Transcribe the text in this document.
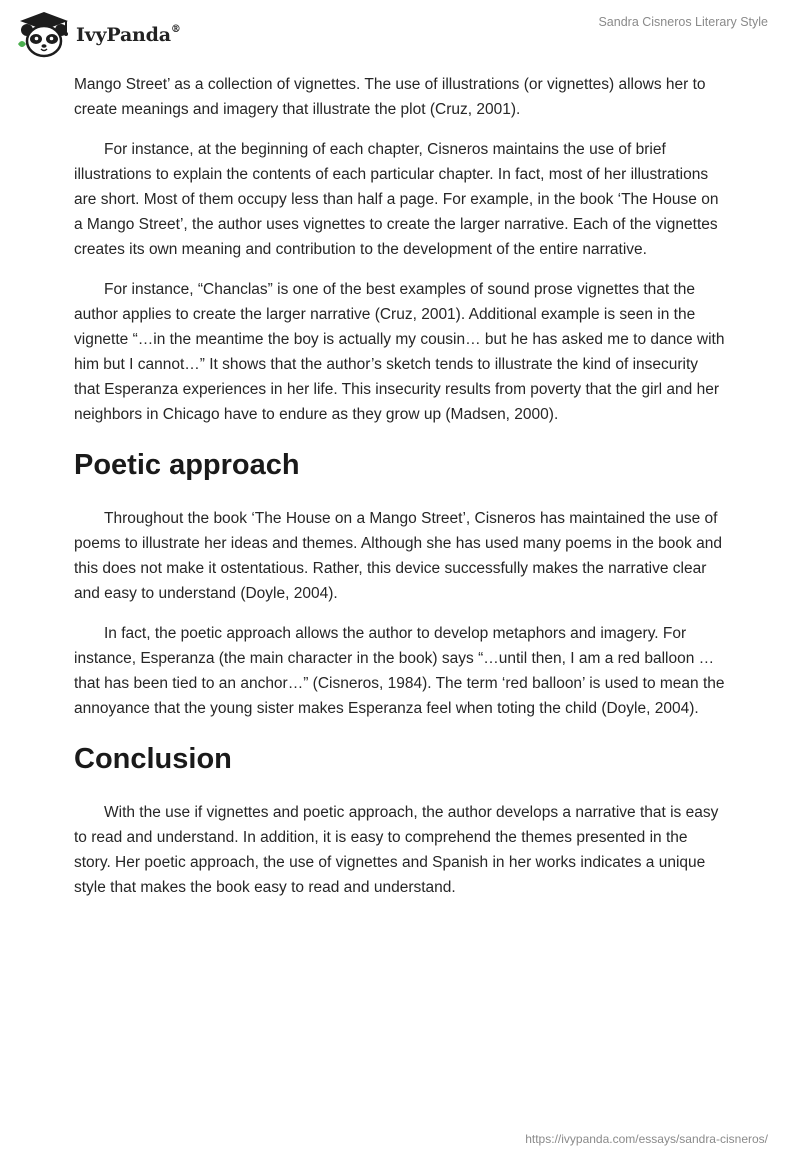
IvyPanda®
Sandra Cisneros Literary Style

Mango Street’ as a collection of vignettes. The use of illustrations (or vignettes) allows her to create meanings and imagery that illustrate the plot (Cruz, 2001).

For instance, at the beginning of each chapter, Cisneros maintains the use of brief illustrations to explain the contents of each particular chapter. In fact, most of her illustrations are short. Most of them occupy less than half a page. For example, in the book ‘The House on a Mango Street’, the author uses vignettes to create the larger narrative. Each of the vignettes creates its own meaning and contribution to the development of the entire narrative.

For instance, “Chanclas” is one of the best examples of sound prose vignettes that the author applies to create the larger narrative (Cruz, 2001). Additional example is seen in the vignette “…in the meantime the boy is actually my cousin… but he has asked me to dance with him but I cannot…” It shows that the author’s sketch tends to illustrate the kind of insecurity that Esperanza experiences in her life. This insecurity results from poverty that the girl and her neighbors in Chicago have to endure as they grow up (Madsen, 2000).

Poetic approach

Throughout the book ‘The House on a Mango Street’, Cisneros has maintained the use of poems to illustrate her ideas and themes. Although she has used many poems in the book and this does not make it ostentatious. Rather, this device successfully makes the narrative clear and easy to understand (Doyle, 2004).

In fact, the poetic approach allows the author to develop metaphors and imagery. For instance, Esperanza (the main character in the book) says “…until then, I am a red balloon …that has been tied to an anchor…” (Cisneros, 1984). The term ‘red balloon’ is used to mean the annoyance that the young sister makes Esperanza feel when toting the child (Doyle, 2004).

Conclusion

With the use if vignettes and poetic approach, the author develops a narrative that is easy to read and understand. In addition, it is easy to comprehend the themes presented in the story. Her poetic approach, the use of vignettes and Spanish in her works indicates a unique style that makes the book easy to read and understand.

https://ivypanda.com/essays/sandra-cisneros/
